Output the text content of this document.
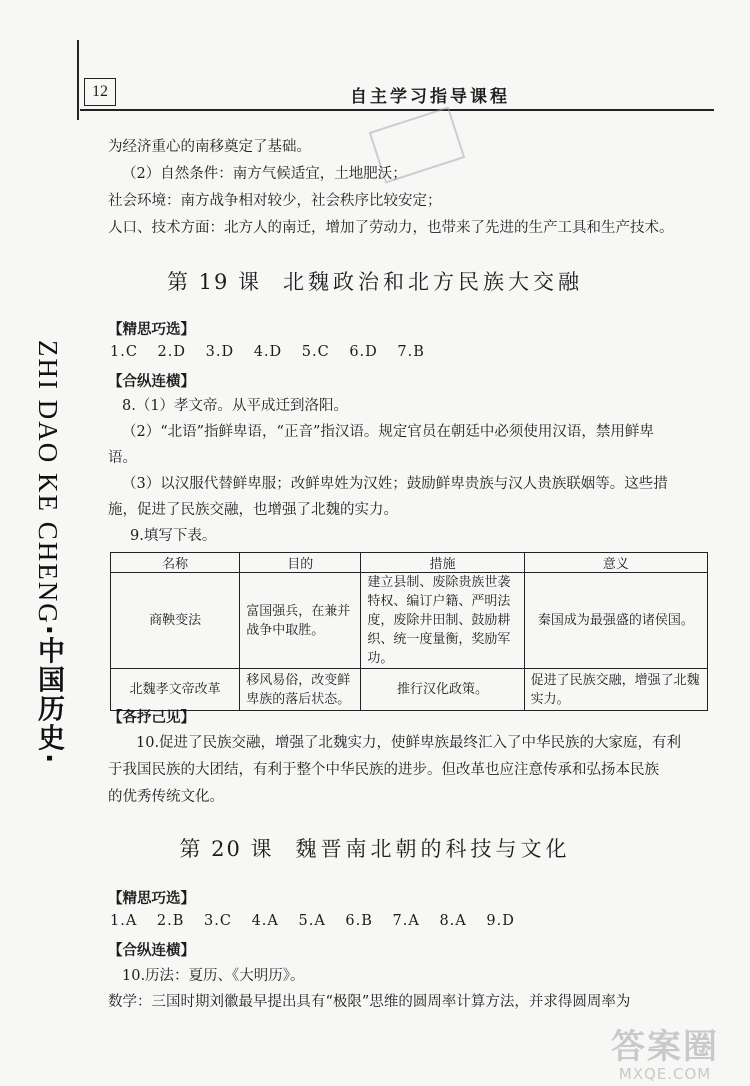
12	自主学习指导课程
ZHI DAO KE CHENG·中国历史·
为经济重心的南移奠定了基础。
（2）自然条件：南方气候适宜，土地肥沃；
社会环境：南方战争相对较少，社会秩序比较安定；
人口、技术方面：北方人的南迁，增加了劳动力，也带来了先进的生产工具和生产技术。
第 19 课 北魏政治和北方民族大交融
【精思巧选】
1.C 2.D 3.D 4.D 5.C 6.D 7.B
【合纵连横】
8.（1）孝文帝。从平成迁到洛阳。
（2）“北语”指鲜卑语，“正音”指汉语。规定官员在朝廷中必须使用汉语，禁用鲜卑
语。
（3）以汉服代替鲜卑服；改鲜卑姓为汉姓；鼓励鲜卑贵族与汉人贵族联姻等。这些措
施，促进了民族交融，也增强了北魏的实力。
9.填写下表。
名称	目的	措施	意义
商鞅变法	富国强兵，在兼并战争中取胜。	建立县制、废除贵族世袭特权、编订户籍、严明法度，废除井田制、鼓励耕织、统一度量衡，奖励军功。	秦国成为最强盛的诸侯国。
北魏孝文帝改革	移风易俗，改变鲜卑族的落后状态。	推行汉化政策。	促进了民族交融，增强了北魏实力。
【各抒己见】
10.促进了民族交融，增强了北魏实力，使鲜卑族最终汇入了中华民族的大家庭，有利
于我国民族的大团结，有利于整个中华民族的进步。但改革也应注意传承和弘扬本民族
的优秀传统文化。
第 20 课 魏晋南北朝的科技与文化
【精思巧选】
1.A 2.B 3.C 4.A 5.A 6.B 7.A 8.A 9.D
【合纵连横】
10.历法：夏历、《大明历》。
数学：三国时期刘徽最早提出具有“极限”思维的圆周率计算方法，并求得圆周率为
答案圈
MXQE.COM
